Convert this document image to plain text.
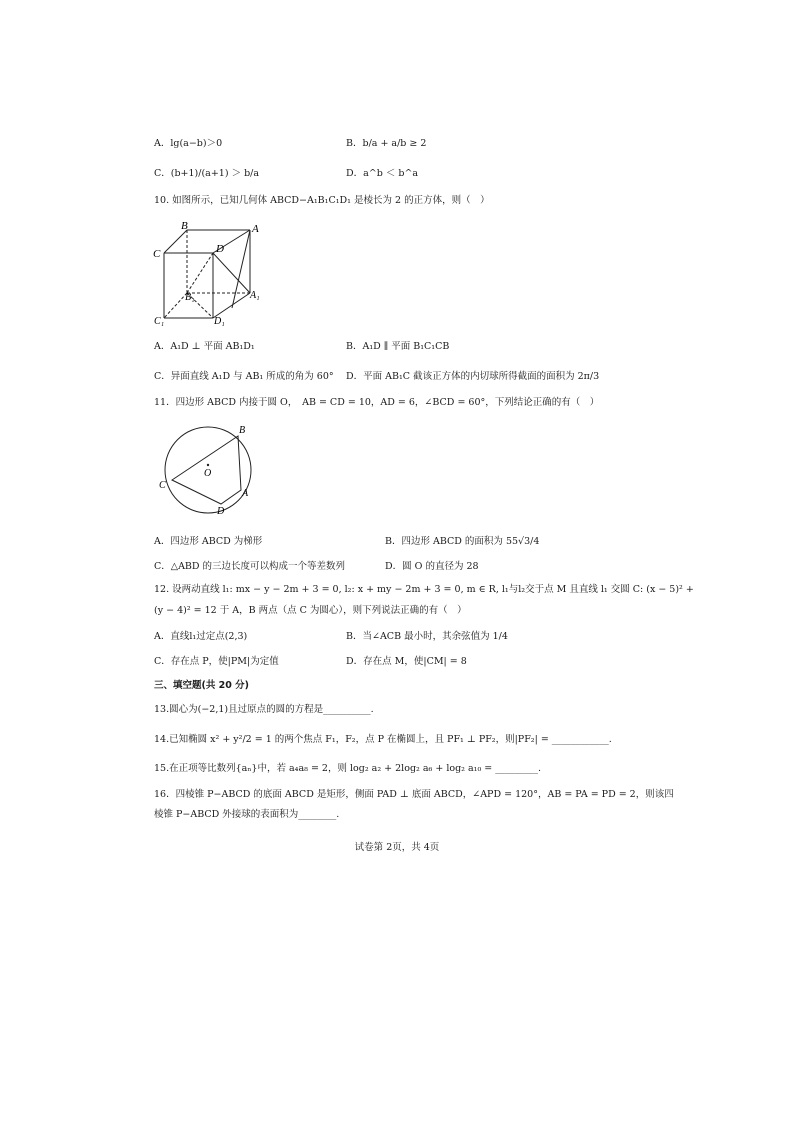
A．lg(a−b)＞0	B．b/a + a/b ≥ 2
C．(b+1)/(a+1) ＞ b/a	D．a^b ＜ b^a
10. 如图所示，已知几何体 ABCD−A₁B₁C₁D₁ 是棱长为 2 的正方体，则（　）
B	A
C	D
B₁	A₁
C₁	D₁
A．A₁D ⊥ 平面 AB₁D₁	B．A₁D ∥ 平面 B₁C₁CB
C．异面直线 A₁D 与 AB₁ 所成的角为 60° D．平面 AB₁C 截该正方体的内切球所得截面的面积为 2π/3
11．四边形 ABCD 内接于圆 O，　AB = CD = 10，AD = 6，∠BCD = 60°，下列结论正确的有（　）
B
O
C
A
D
A．四边形 ABCD 为梯形	B．四边形 ABCD 的面积为 55√3/4
C．△ABD 的三边长度可以构成一个等差数列	D．圆 O 的直径为 28
12. 设两动直线 l₁: mx − y − 2m + 3 = 0, l₂: x + my − 2m + 3 = 0, m ∈ R, l₁与l₂交于点 M 且直线 l₁ 交圆 C: (x − 5)² +
(y − 4)² = 12 于 A，B 两点（点 C 为圆心），则下列说法正确的有（　）
A．直线l₁过定点(2,3)	B．当∠ACB 最小时，其余弦值为 1/4
C．存在点 P，使|PM|为定值	D．存在点 M，使|CM| = 8
三、填空题(共 20 分)
13.圆心为(−2,1)且过原点的圆的方程是__________.
14.已知椭圆 x² + y²/2 = 1 的两个焦点 F₁，F₂，点 P 在椭圆上，且 PF₁ ⊥ PF₂，则|PF₂| = ____________.
15.在正项等比数列{aₙ}中，若 a₄a₈ = 2，则 log₂ a₂ + 2log₂ a₆ + log₂ a₁₀ = _________.
16．四棱锥 P−ABCD 的底面 ABCD 是矩形，侧面 PAD ⊥ 底面 ABCD，∠APD = 120°，AB = PA = PD = 2，则该四
棱锥 P−ABCD 外接球的表面积为________.
试卷第 2页，共 4页
